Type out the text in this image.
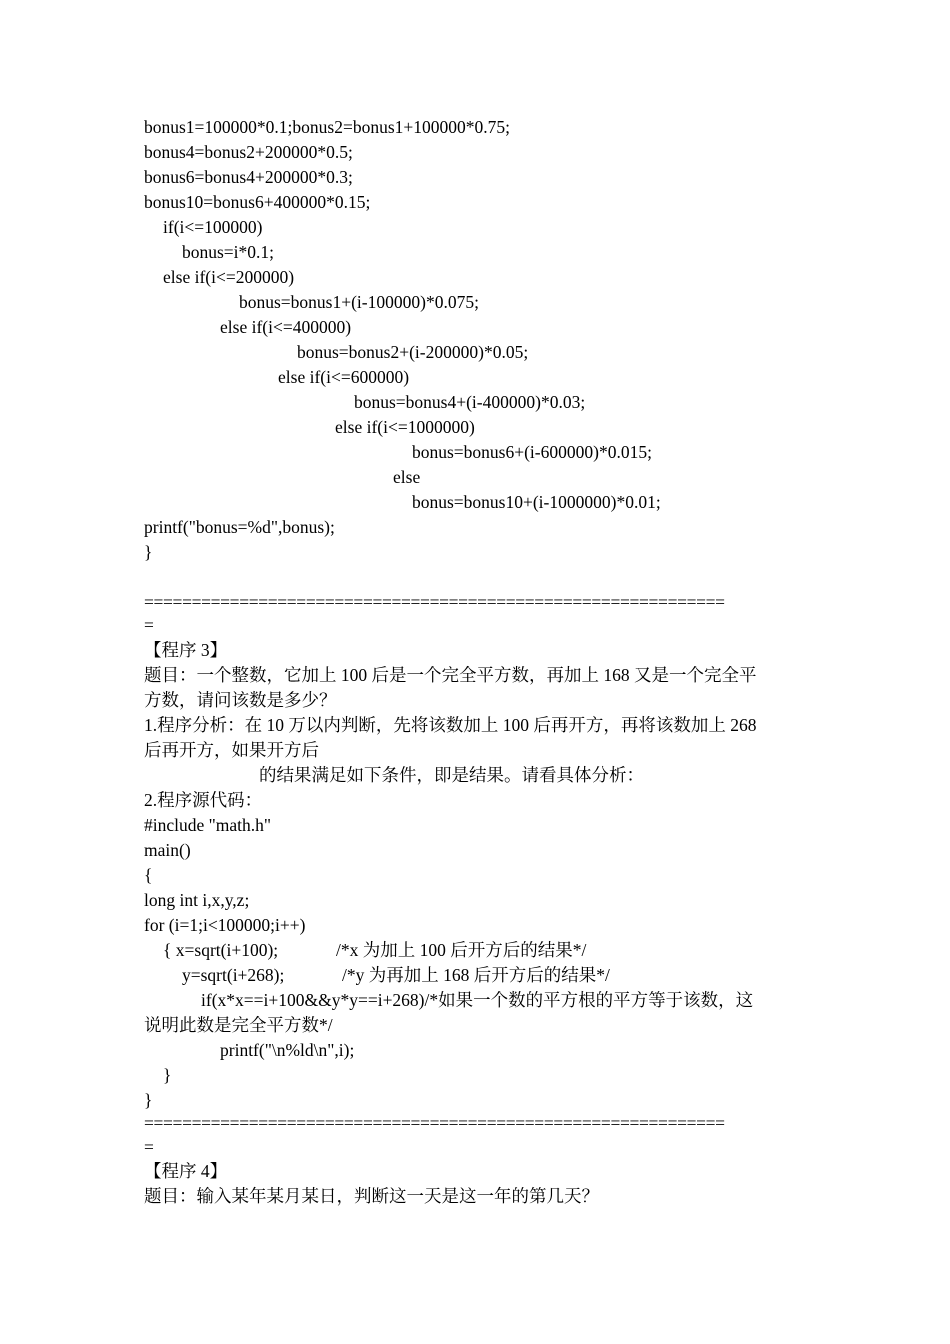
bonus1=100000*0.1;bonus2=bonus1+100000*0.75;
bonus4=bonus2+200000*0.5;
bonus6=bonus4+200000*0.3;
bonus10=bonus6+400000*0.15;
if(i<=100000)
bonus=i*0.1;
else if(i<=200000)
bonus=bonus1+(i-100000)*0.075;
else if(i<=400000)
bonus=bonus2+(i-200000)*0.05;
else if(i<=600000)
bonus=bonus4+(i-400000)*0.03;
else if(i<=1000000)
bonus=bonus6+(i-600000)*0.015;
else
bonus=bonus10+(i-1000000)*0.01;
printf("bonus=%d",bonus);
}
=============================================================
=
【程序 3】
题目：一个整数，它加上 100 后是一个完全平方数，再加上 168 又是一个完全平
方数，请问该数是多少？
1.程序分析：在 10 万以内判断，先将该数加上 100 后再开方，再将该数加上 268
后再开方，如果开方后
的结果满足如下条件，即是结果。请看具体分析：
2.程序源代码：
#include "math.h"
main()
{
long int i,x,y,z;
for (i=1;i<100000;i++)
{ x=sqrt(i+100);	/*x 为加上 100 后开方后的结果*/
y=sqrt(i+268);	/*y 为再加上 168 后开方后的结果*/
if(x*x==i+100&&y*y==i+268)/*如果一个数的平方根的平方等于该数，这
说明此数是完全平方数*/
printf("\n%ld\n",i);
}
}
=============================================================
=
【程序 4】
题目：输入某年某月某日，判断这一天是这一年的第几天？
